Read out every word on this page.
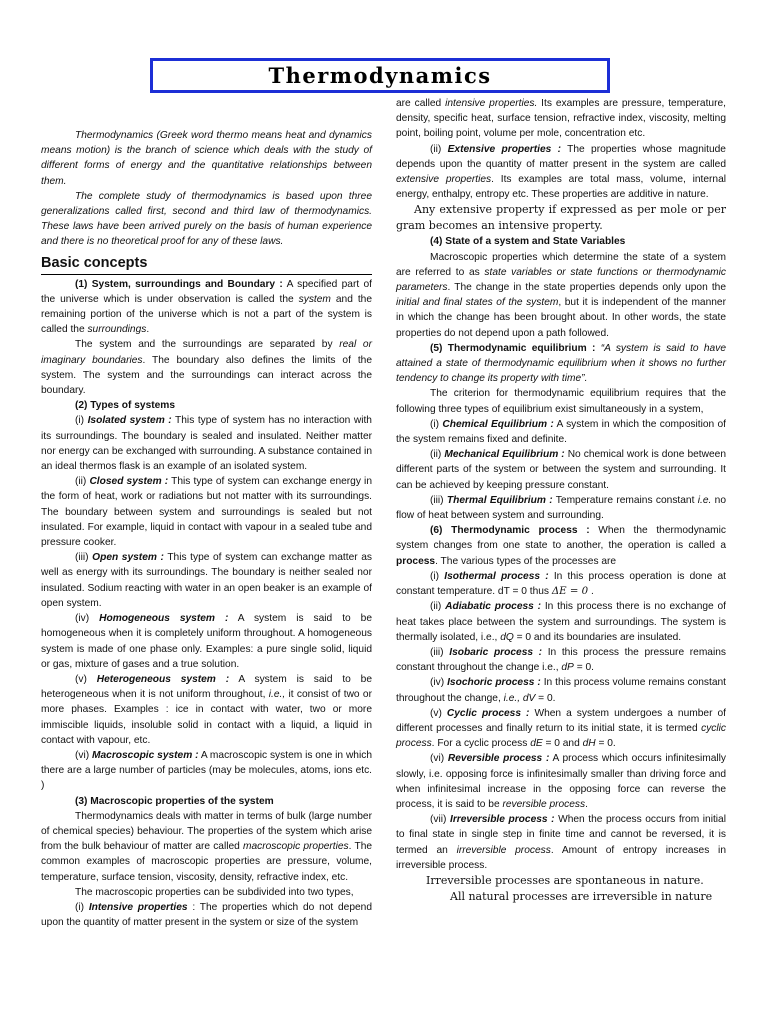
Thermodynamics

Thermodynamics (Greek word thermo means heat and dynamics means motion) is the branch of science which deals with the study of different forms of energy and the quantitative relationships between them.

The complete study of thermodynamics is based upon three generalizations called first, second and third law of thermodynamics. These laws have been arrived purely on the basis of human experience and there is no theoretical proof for any of these laws.

Basic concepts

(1) System, surroundings and Boundary : A specified part of the universe which is under observation is called the system and the remaining portion of the universe which is not a part of the system is called the surroundings.

The system and the surroundings are separated by real or imaginary boundaries. The boundary also defines the limits of the system. The system and the surroundings can interact across the boundary.

(2) Types of systems

(i) Isolated system : This type of system has no interaction with its surroundings. The boundary is sealed and insulated. Neither matter nor energy can be exchanged with surrounding. A substance contained in an ideal thermos flask is an example of an isolated system.

(ii) Closed system : This type of system can exchange energy in the form of heat, work or radiations but not matter with its surroundings. The boundary between system and surroundings is sealed but not insulated. For example, liquid in contact with vapour in a sealed tube and pressure cooker.

(iii) Open system : This type of system can exchange matter as well as energy with its surroundings. The boundary is neither sealed nor insulated. Sodium reacting with water in an open beaker is an example of open system.

(iv) Homogeneous system : A system is said to be homogeneous when it is completely uniform throughout. A homogeneous system is made of one phase only. Examples: a pure single solid, liquid or gas, mixture of gases and a true solution.

(v) Heterogeneous system : A system is said to be heterogeneous when it is not uniform throughout, i.e., it consist of two or more phases. Examples : ice in contact with water, two or more immiscible liquids, insoluble solid in contact with a liquid, a liquid in contact with vapour, etc.

(vi) Macroscopic system : A macroscopic system is one in which there are a large number of particles (may be molecules, atoms, ions etc. )

(3) Macroscopic properties of the system

Thermodynamics deals with matter in terms of bulk (large number of chemical species) behaviour. The properties of the system which arise from the bulk behaviour of matter are called macroscopic properties. The common examples of macroscopic properties are pressure, volume, temperature, surface tension, viscosity, density, refractive index, etc.

The macroscopic properties can be subdivided into two types,

(i) Intensive properties : The properties which do not depend upon the quantity of matter present in the system or size of the system

are called intensive properties. Its examples are pressure, temperature, density, specific heat, surface tension, refractive index, viscosity, melting point, boiling point, volume per mole, concentration etc.

(ii) Extensive properties : The properties whose magnitude depends upon the quantity of matter present in the system are called extensive properties. Its examples are total mass, volume, internal energy, enthalpy, entropy etc. These properties are additive in nature.

Any extensive property if expressed as per mole or per gram becomes an intensive property.

(4) State of a system and State Variables

Macroscopic properties which determine the state of a system are referred to as state variables or state functions or thermodynamic parameters. The change in the state properties depends only upon the initial and final states of the system, but it is independent of the manner in which the change has been brought about. In other words, the state properties do not depend upon a path followed.

(5) Thermodynamic equilibrium : “A system is said to have attained a state of thermodynamic equilibrium when it shows no further tendency to change its property with time”.

The criterion for thermodynamic equilibrium requires that the following three types of equilibrium exist simultaneously in a system,

(i) Chemical Equilibrium : A system in which the composition of the system remains fixed and definite.

(ii) Mechanical Equilibrium : No chemical work is done between different parts of the system or between the system and surrounding. It can be achieved by keeping pressure constant.

(iii) Thermal Equilibrium : Temperature remains constant i.e. no flow of heat between system and surrounding.

(6) Thermodynamic process : When the thermodynamic system changes from one state to another, the operation is called a process. The various types of the processes are

(i) Isothermal process : In this process operation is done at constant temperature. dT = 0 thus ΔE = 0 .

(ii) Adiabatic process : In this process there is no exchange of heat takes place between the system and surroundings. The system is thermally isolated, i.e., dQ = 0 and its boundaries are insulated.

(iii) Isobaric process : In this process the pressure remains constant throughout the change i.e., dP = 0.

(iv) Isochoric process : In this process volume remains constant throughout the change, i.e., dV = 0.

(v) Cyclic process : When a system undergoes a number of different processes and finally return to its initial state, it is termed cyclic process. For a cyclic process dE = 0 and dH = 0.

(vi) Reversible process : A process which occurs infinitesimally slowly, i.e. opposing force is infinitesimally smaller than driving force and when infinitesimal increase in the opposing force can reverse the process, it is said to be reversible process.

(vii) Irreversible process : When the process occurs from initial to final state in single step in finite time and cannot be reversed, it is termed an irreversible process. Amount of entropy increases in irreversible process.

Irreversible processes are spontaneous in nature.

All natural processes are irreversible in nature
